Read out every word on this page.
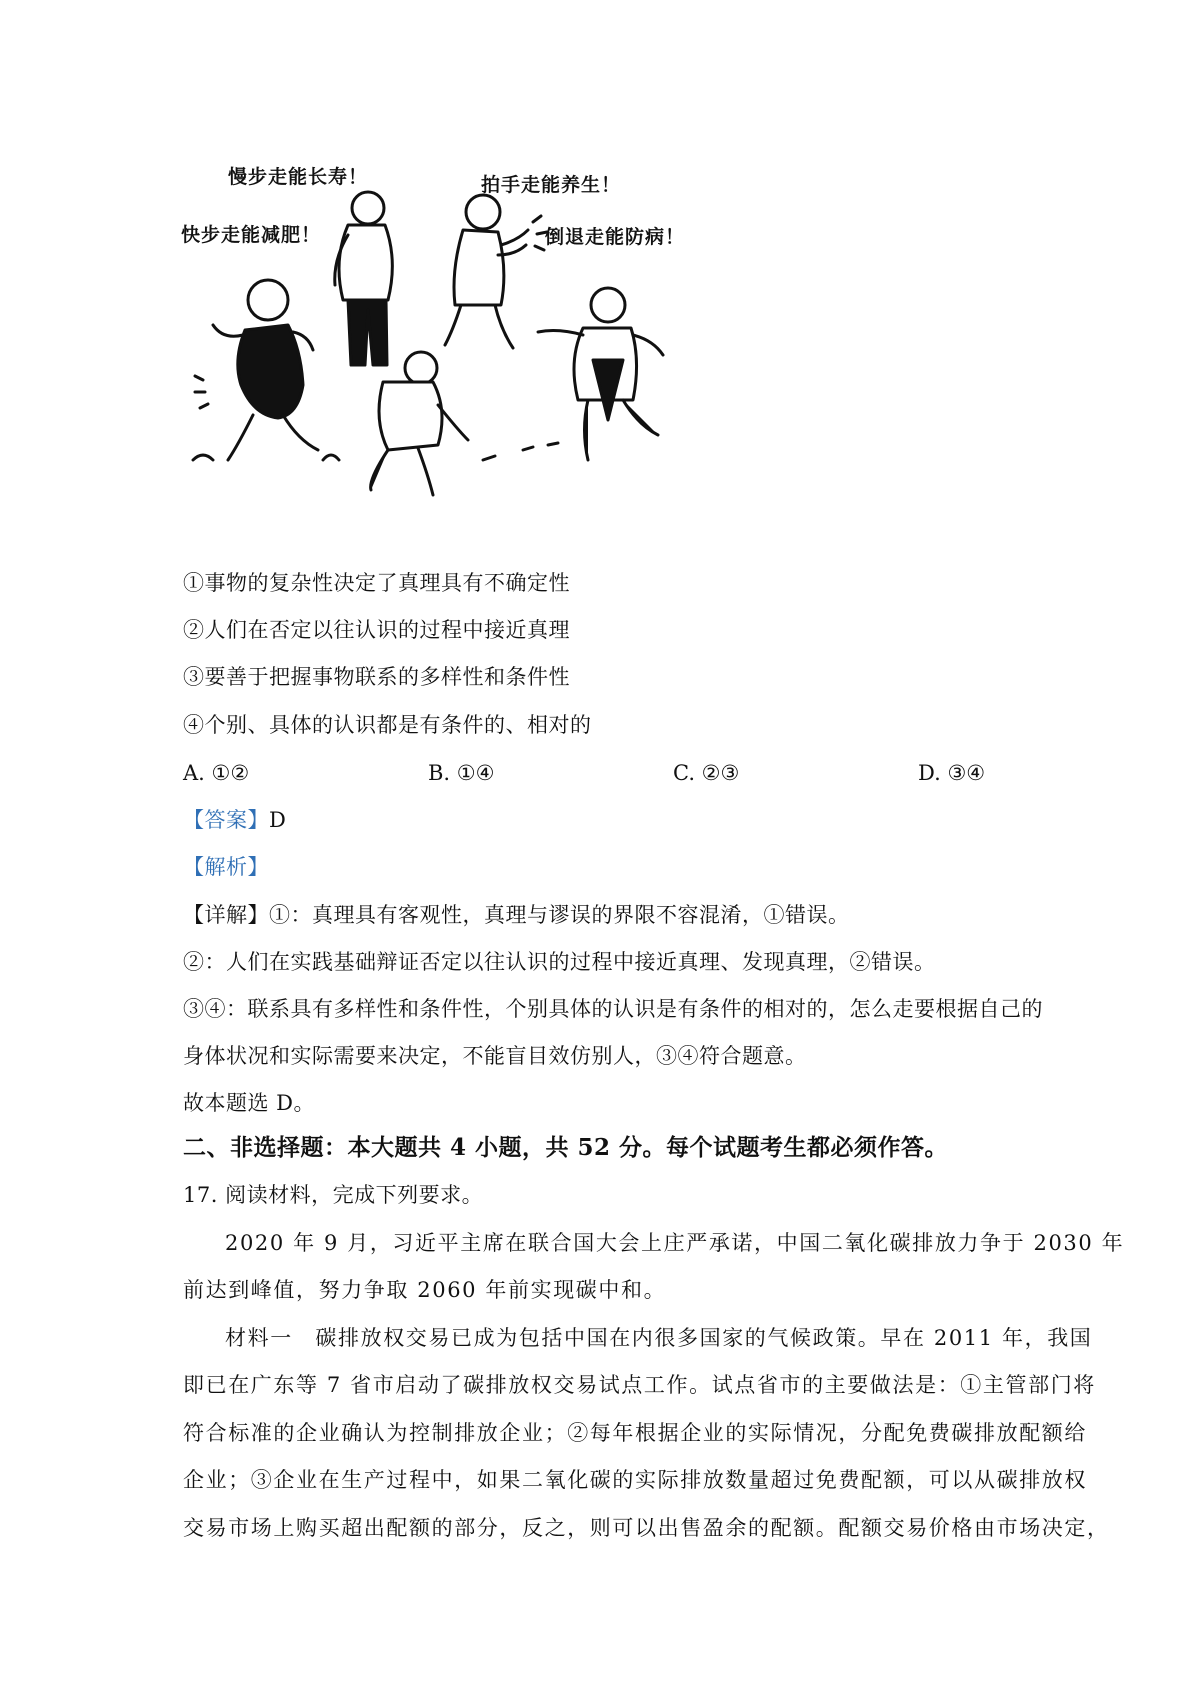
慢步走能长寿！	拍手走能养生！
快步走能减肥！	倒退走能防病！
①事物的复杂性决定了真理具有不确定性
②人们在否定以往认识的过程中接近真理
③要善于把握事物联系的多样性和条件性
④个别、具体的认识都是有条件的、相对的
A. ①②	B. ①④	C. ②③	D. ③④
【答案】D
【解析】
【详解】①：真理具有客观性，真理与谬误的界限不容混淆，①错误。
②：人们在实践基础辩证否定以往认识的过程中接近真理、发现真理，②错误。
③④：联系具有多样性和条件性，个别具体的认识是有条件的相对的，怎么走要根据自己的
身体状况和实际需要来决定，不能盲目效仿别人，③④符合题意。
故本题选 D。
二、非选择题：本大题共 4 小题，共 52 分。每个试题考生都必须作答。
17. 阅读材料，完成下列要求。
2020 年 9 月，习近平主席在联合国大会上庄严承诺，中国二氧化碳排放力争于 2030 年
前达到峰值，努力争取 2060 年前实现碳中和。
材料一　碳排放权交易已成为包括中国在内很多国家的气候政策。早在 2011 年，我国
即已在广东等 7 省市启动了碳排放权交易试点工作。试点省市的主要做法是：①主管部门将
符合标准的企业确认为控制排放企业；②每年根据企业的实际情况，分配免费碳排放配额给
企业；③企业在生产过程中，如果二氧化碳的实际排放数量超过免费配额，可以从碳排放权
交易市场上购买超出配额的部分，反之，则可以出售盈余的配额。配额交易价格由市场决定，
